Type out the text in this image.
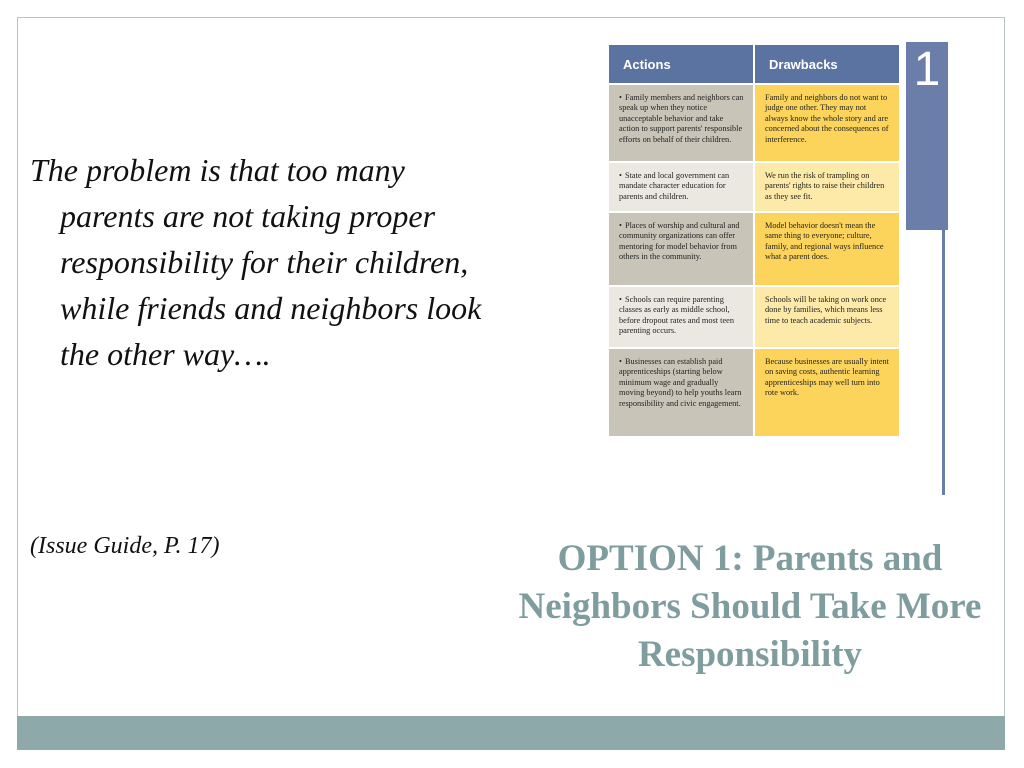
The problem is that too many parents are not taking proper responsibility for their children, while friends and neighbors look the other way….

(Issue Guide, P. 17)

Actions	Drawbacks
• Family members and neighbors can speak up when they notice unacceptable behavior and take action to support parents' responsible efforts on behalf of their children.	Family and neighbors do not want to judge one other. They may not always know the whole story and are concerned about the consequences of interference.
• State and local government can mandate character education for parents and children.	We run the risk of trampling on parents' rights to raise their children as they see fit.
• Places of worship and cultural and community organizations can offer mentoring for model behavior from others in the community.	Model behavior doesn't mean the same thing to everyone; culture, family, and regional ways influence what a parent does.
• Schools can require parenting classes as early as middle school, before dropout rates and most teen parenting occurs.	Schools will be taking on work once done by families, which means less time to teach academic subjects.
• Businesses can establish paid apprenticeships (starting below minimum wage and gradually moving beyond) to help youths learn responsibility and civic engagement.	Because businesses are usually intent on saving costs, authentic learning apprenticeships may well turn into rote work.
1

OPTION 1: Parents and Neighbors Should Take More Responsibility
